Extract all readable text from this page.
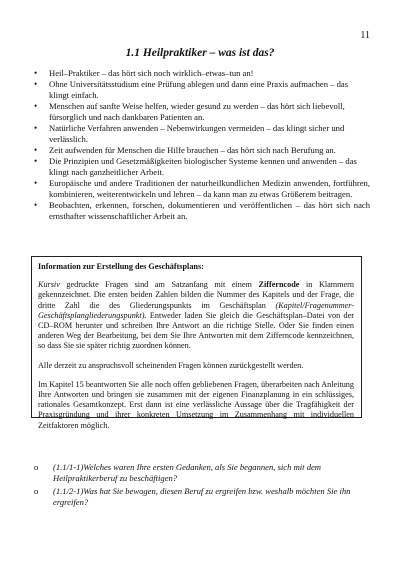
11
1.1 Heilpraktiker – was ist das?
• Heil–Praktiker – das hört sich noch wirklich–etwas–tun an!
• Ohne Universitätsstudium eine Prüfung ablegen und dann eine Praxis aufmachen – das klingt einfach.
• Menschen auf sanfte Weise helfen, wieder gesund zu werden – das hört sich liebevoll, fürsorglich und nach dankbaren Patienten an.
• Natürliche Verfahren anwenden – Nebenwirkungen vermeiden – das klingt sicher und verlässlich.
• Zeit aufwenden für Menschen die Hilfe brauchen – das hört sich nach Berufung an.
• Die Prinzipien und Gesetzmäßigkeiten biologischer Systeme kennen und anwenden – das klingt nach ganzheitlicher Arbeit.
• Europäische und andere Traditionen der naturheilkundlichen Medizin anwenden, fortführen, kombinieren, weiterentwickeln und lehren – da kann man zu etwas Größerem beitragen.
• Beobachten, erkennen, forschen, dokumentieren und veröffentlichen – das hört sich nach ernsthafter wissenschaftlicher Arbeit an.

Information zur Erstellung des Geschäftsplans:

Kursiv gedruckte Fragen sind am Satzanfang mit einem Zifferncode in Klammern gekennzeichnet. Die ersten beiden Zahlen bilden die Nummer des Kapitels und der Frage, die dritte Zahl die des Gliederungspunkts im Geschäftsplan (Kapitel/Fragenummer-Geschäftsplangliederungspunkt). Entweder laden Sie gleich die Geschäftsplan–Datei von der CD–ROM herunter und schreiben Ihre Antwort an die richtige Stelle. Oder Sie finden einen anderen Weg der Bearbeitung, bei dem Sie Ihre Antworten mit dem Zifferncode kennzeichnen, so dass Sie sie später richtig zuordnen können.

Alle derzeit zu anspruchsvoll scheinenden Fragen können zurückgestellt werden.

Im Kapitel 15 beantworten Sie alle noch offen gebliebenen Fragen, überarbeiten nach Anleitung Ihre Antworten und bringen sie zusammen mit der eigenen Finanzplanung in ein schlüssiges, rationales Gesamtkonzept. Erst dann ist eine verlässliche Aussage über die Tragfähigkeit der Praxisgründung und ihrer konkreten Umsetzung im Zusammenhang mit individuellen Zeitfaktoren möglich.

o (1.1/1-1)Welches waren Ihre ersten Gedanken, als Sie begannen, sich mit dem Heilpraktikerberuf zu beschäftigen?
o (1.1/2-1)Was hat Sie bewogen, diesen Beruf zu ergreifen bzw. weshalb möchten Sie ihn ergreifen?
